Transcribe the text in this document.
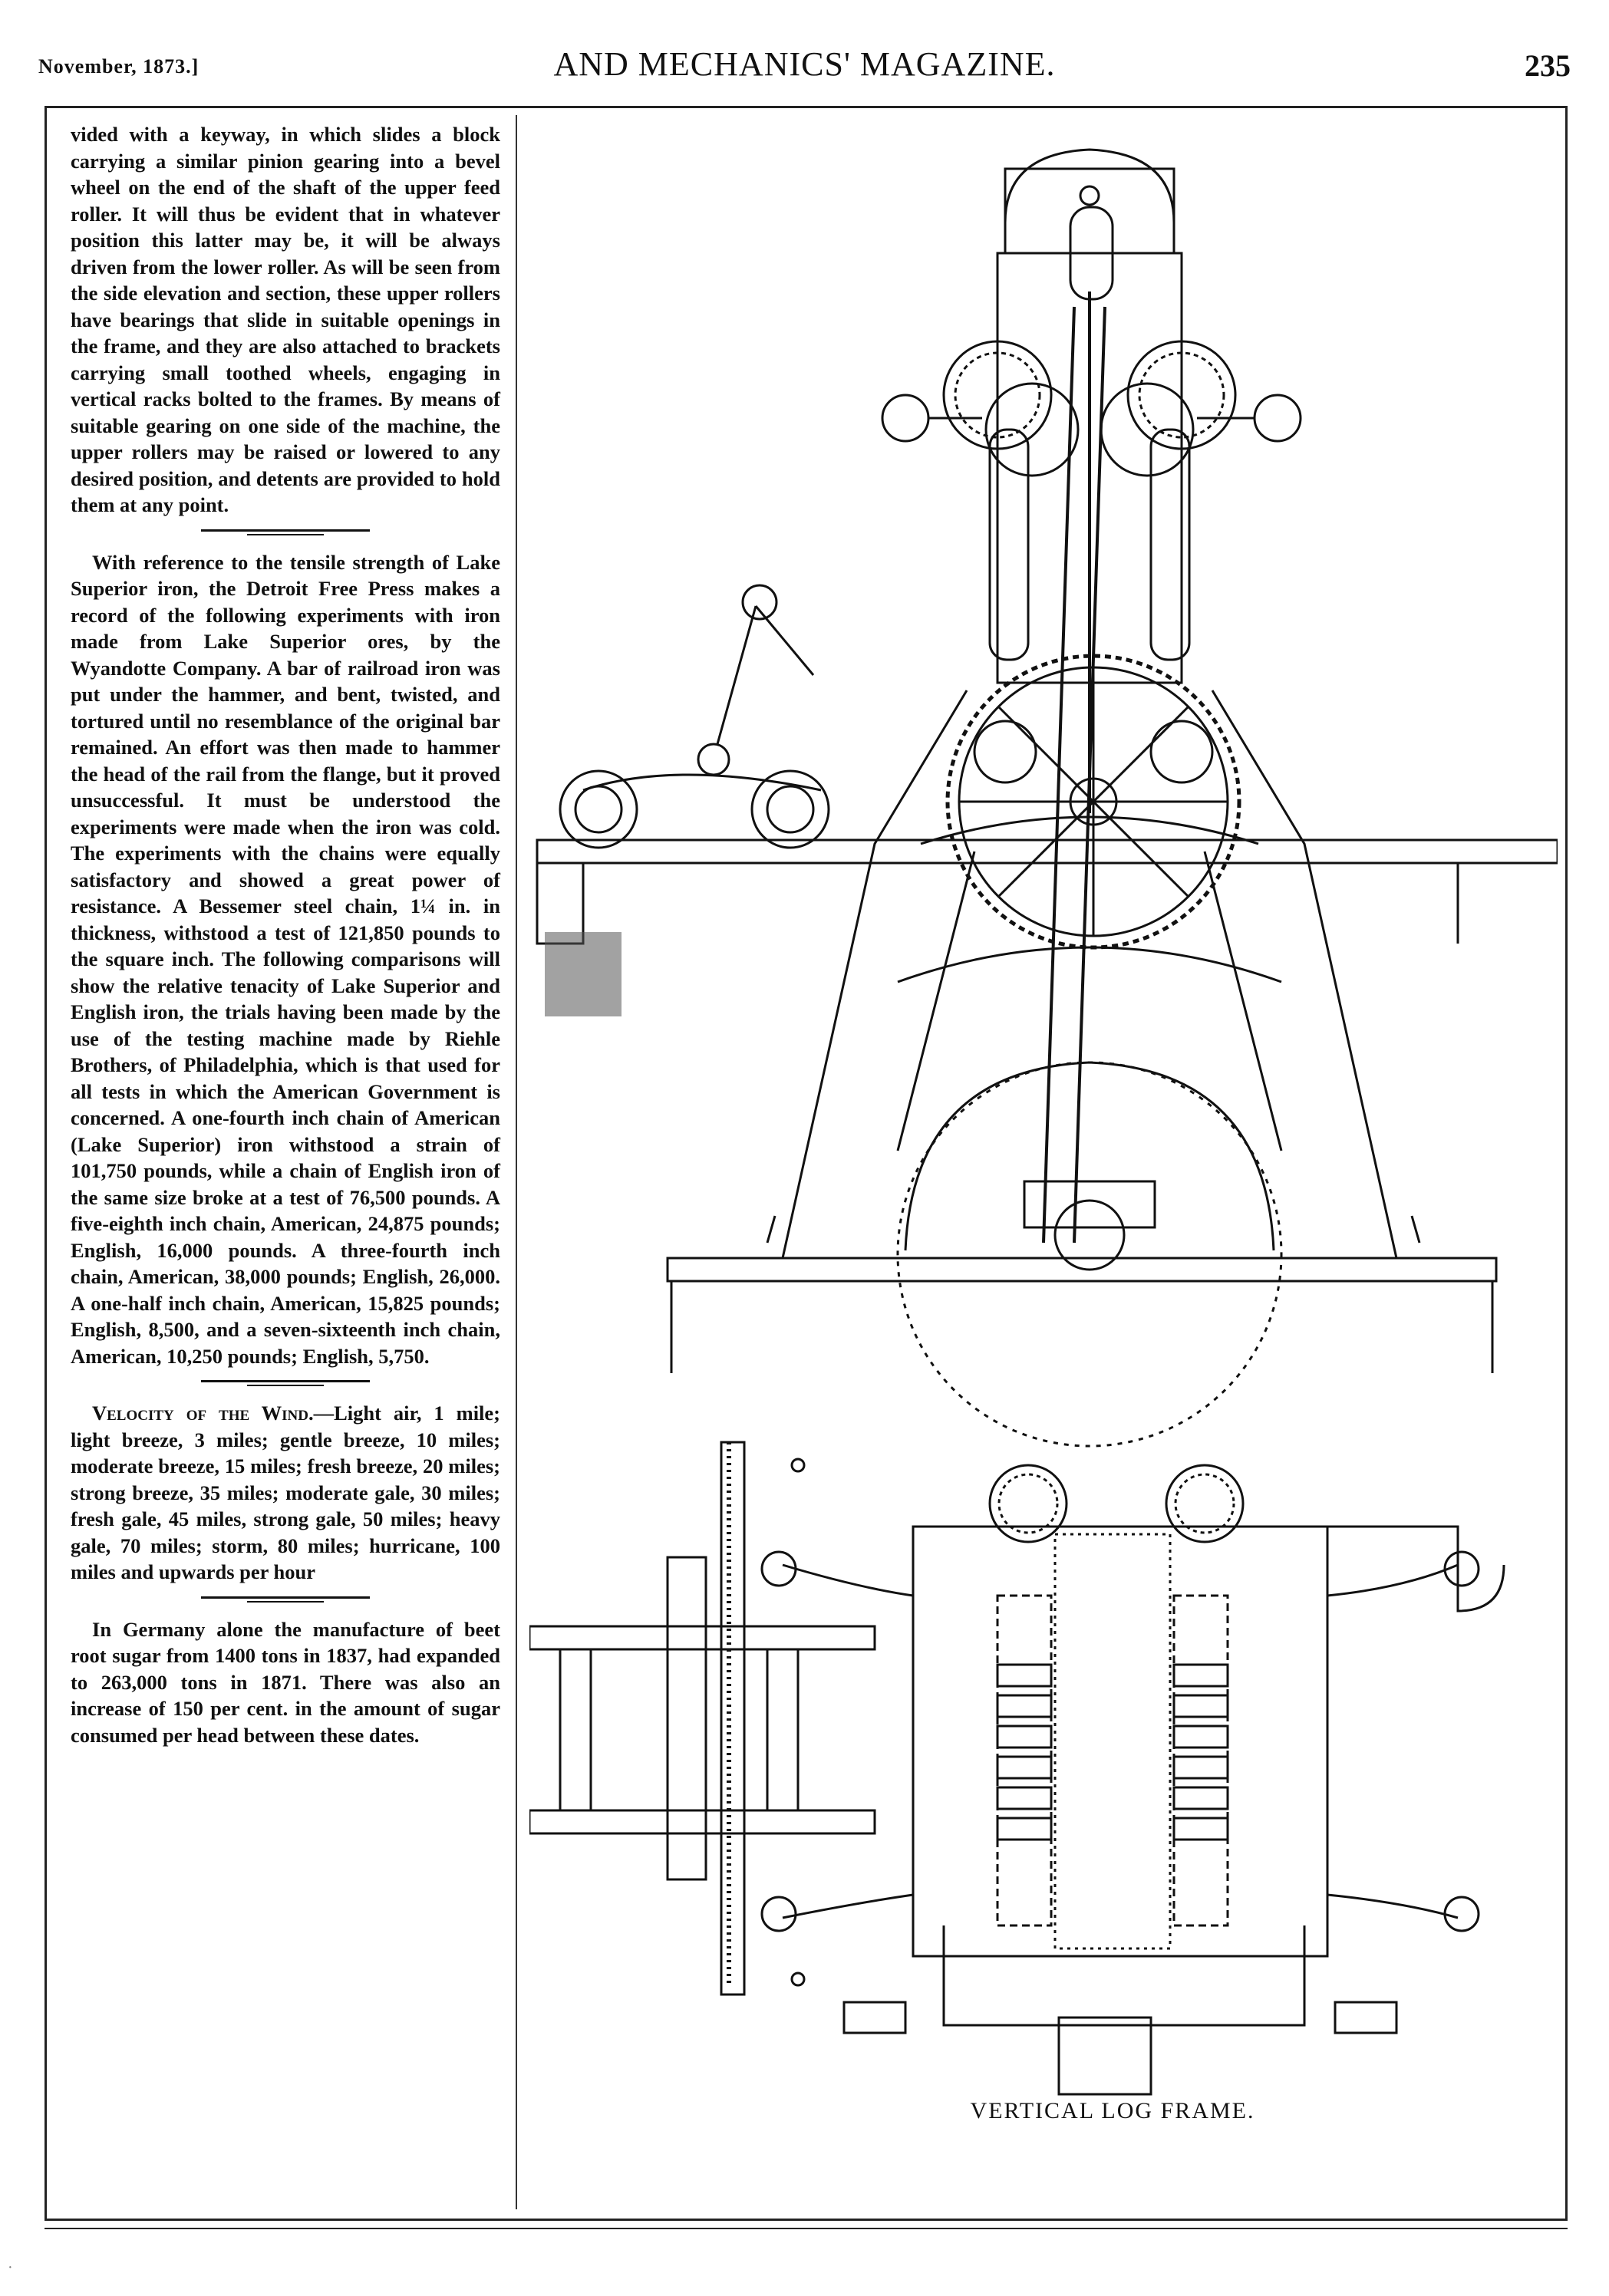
November, 1873.]	AND MECHANICS' MAGAZINE.	235

vided with a keyway, in which slides a block carrying a similar pinion gearing into a bevel wheel on the end of the shaft of the upper feed roller. It will thus be evident that in whatever position this latter may be, it will be always driven from the lower roller. As will be seen from the side elevation and section, these upper rollers have bearings that slide in suitable openings in the frame, and they are also attached to brackets carrying small toothed wheels, engaging in vertical racks bolted to the frames. By means of suitable gearing on one side of the machine, the upper rollers may be raised or lowered to any desired position, and detents are provided to hold them at any point.

With reference to the tensile strength of Lake Superior iron, the Detroit Free Press makes a record of the following experiments with iron made from Lake Superior ores, by the Wyandotte Company. A bar of railroad iron was put under the hammer, and bent, twisted, and tortured until no resemblance of the original bar remained. An effort was then made to hammer the head of the rail from the flange, but it proved unsuccessful. It must be understood the experiments were made when the iron was cold. The experiments with the chains were equally satisfactory and showed a great power of resistance. A Bessemer steel chain, 1¼ in. in thickness, withstood a test of 121,850 pounds to the square inch. The following comparisons will show the relative tenacity of Lake Superior and English iron, the trials having been made by the use of the testing machine made by Riehle Brothers, of Philadelphia, which is that used for all tests in which the American Government is concerned. A one-fourth inch chain of American (Lake Superior) iron withstood a strain of 101,750 pounds, while a chain of English iron of the same size broke at a test of 76,500 pounds. A five-eighth inch chain, American, 24,875 pounds; English, 16,000 pounds. A three-fourth inch chain, American, 38,000 pounds; English, 26,000. A one-half inch chain, American, 15,825 pounds; English, 8,500, and a seven-sixteenth inch chain, American, 10,250 pounds; English, 5,750.

Velocity of the Wind.—Light air, 1 mile; light breeze, 3 miles; gentle breeze, 10 miles; moderate breeze, 15 miles; fresh breeze, 20 miles; strong breeze, 35 miles; moderate gale, 30 miles; fresh gale, 45 miles, strong gale, 50 miles; heavy gale, 70 miles; storm, 80 miles; hurricane, 100 miles and upwards per hour

In Germany alone the manufacture of beet root sugar from 1400 tons in 1837, had expanded to 263,000 tons in 1871. There was also an increase of 150 per cent. in the amount of sugar consumed per head between these dates.

VERTICAL LOG FRAME.
·
